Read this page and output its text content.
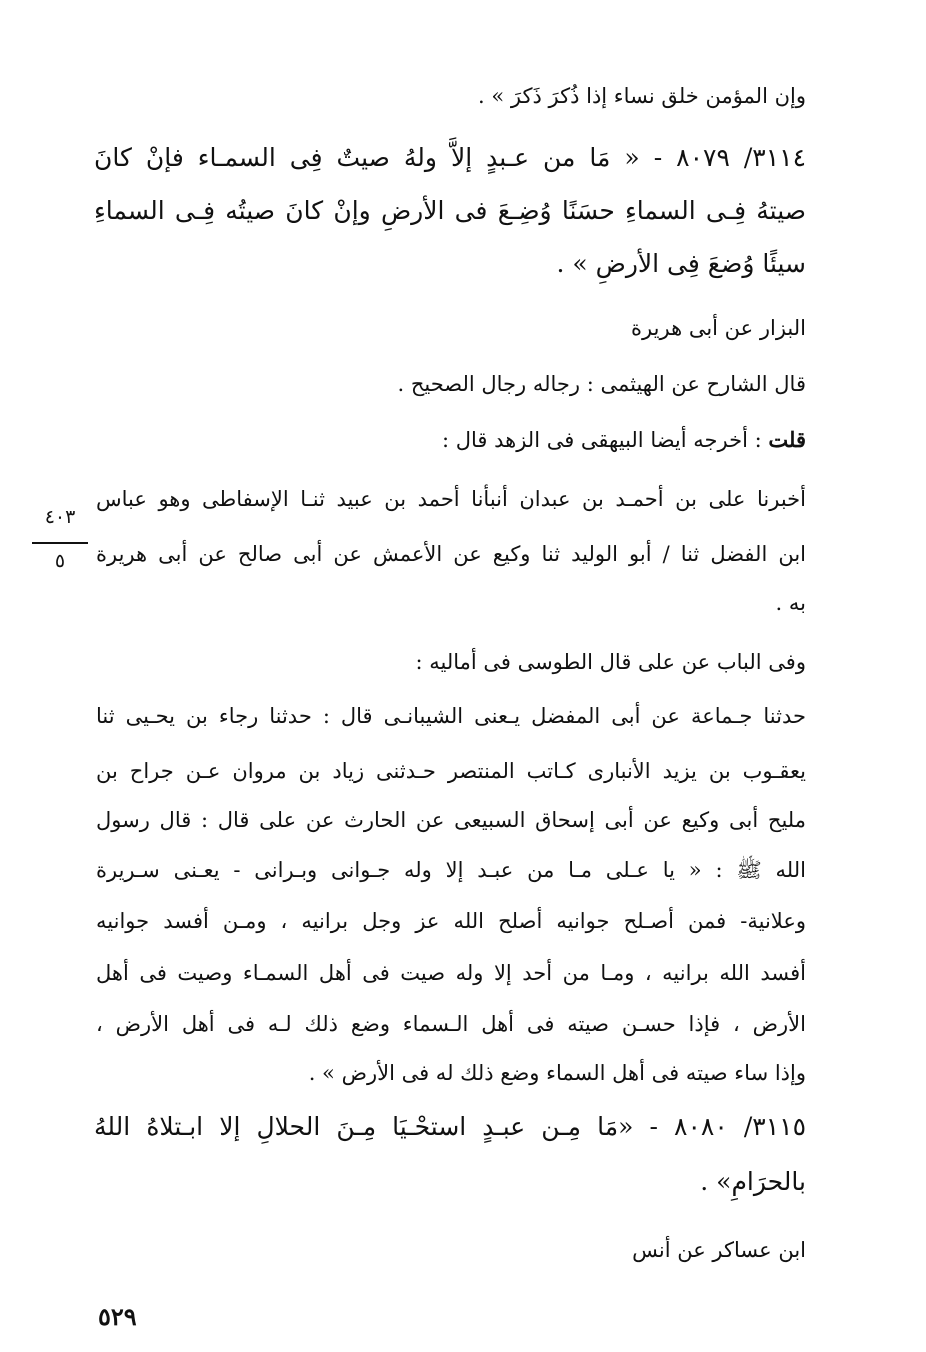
وإن المؤمن خلق نساء إذا ذُكرَ ذَكرَ » .
٣١١٤/ ٨٠٧٩ - « مَا من عـبدٍ إلاَّ ولهُ صيتٌ فِى السمـاء فإنْ كانَ
صيتهُ فِـى السماءِ حسَنًا وُضِـعَ فى الأرضِ وإنْ كانَ صيتُه فِـى السماءِ
سيئًا وُضعَ فِى الأرضِ » .
البزار عن أبى هريرة
قال الشارح عن الهيثمى : رجاله رجال الصحيح .
قلت : أخرجه أيضا البيهقى فى الزهد قال :
أخبرنا على بن أحمـد بن عبدان أنبأنا أحمد بن عبيد ثنـا الإسفاطى وهو عباس
ابن الفضل ثنا / أبو الوليد ثنا وكيع عن الأعمش عن أبى صالح عن أبى هريرة
به .
وفى الباب عن على قال الطوسى فى أماليه :
حدثنا جـماعة عن أبى المفضل يـعنى الشيبانـى قال : حدثنا رجاء بن يحـيى ثنا
يعقـوب بن يزيد الأنبارى كـاتب المنتصر حـدثنى زياد بن مروان عـن جراح بن
مليح أبى وكيع عن أبى إسحاق السبيعى عن الحارث عن على قال : قال رسول
الله ﷺ : « يا عـلى مـا من عبـد إلا وله جـوانى وبـرانى - يعـنى سـريرة
وعلانية- فمن أصـلح جوانيه أصلح الله عز وجل برانيه ، ومـن أفسد جوانيه
أفسد الله برانيه ، ومـا من أحد إلا وله صيت فى أهل السمـاء وصيت فى أهل
الأرض ، فإذا حسـن صيته فى أهل الـسماء وضع ذلك لـه فى أهل الأرض ،
وإذا ساء صيته فى أهل السماء وضع ذلك له فى الأرض » .
٣١١٥/ ٨٠٨٠ - «مَا مِـن عبـدٍ استحْـيَا مِـنَ الحلالِ إلا ابـتلاهُ اللهُ
بالحرَامِ» .
ابن عساكر عن أنس
٤٠٣
٥
٥٢٩
